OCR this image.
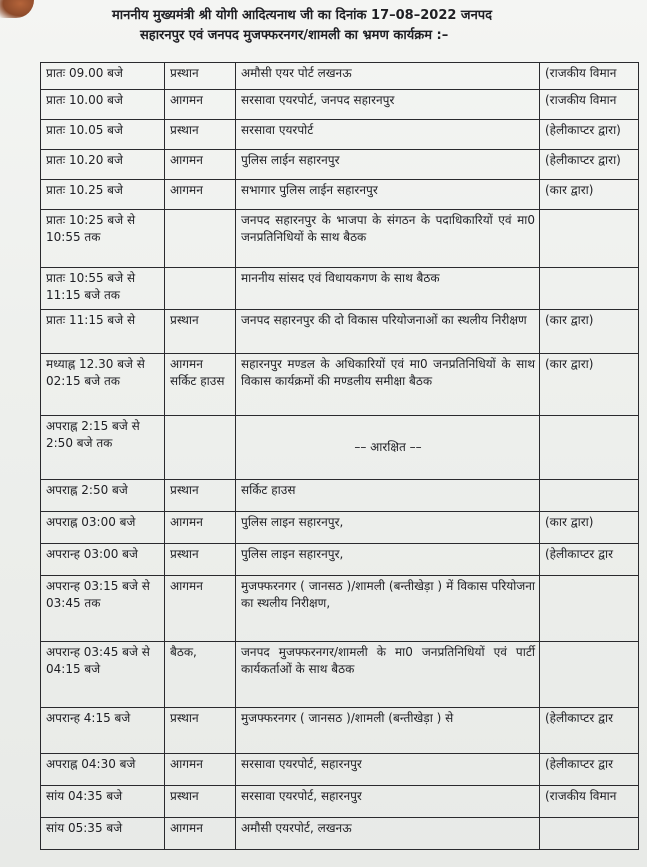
माननीय मुख्यमंत्री श्री योगी आदित्यनाथ जी का दिनांक 17–08–2022 जनपद
सहारनपुर एवं जनपद मुजफ्फरनगर/शामली का भ्रमण कार्यक्रम :–
प्रातः 09.00 बजे	प्रस्थान	अमौसी एयर पोर्ट लखनऊ	(राजकीय विमान
प्रातः 10.00 बजे	आगमन	सरसावा एयरपोर्ट, जनपद सहारनपुर	(राजकीय विमान
प्रातः 10.05 बजे	प्रस्थान	सरसावा एयरपोर्ट	(हेलीकाप्टर द्वारा)
प्रातः 10.20 बजे	आगमन	पुलिस लाईन सहारनपुर	(हेलीकाप्टर द्वारा)
प्रातः 10.25 बजे	आगमन	सभागार पुलिस लाईन सहारनपुर	(कार द्वारा)
प्रातः 10:25 बजे से 10:55 तक		जनपद सहारनपुर के भाजपा के संगठन के पदाधिकारियों एवं मा0 जनप्रतिनिधियों के साथ बैठक	
प्रातः 10:55 बजे से 11:15 बजे तक		माननीय सांसद एवं विधायकगण के साथ बैठक	
प्रातः 11:15 बजे से	प्रस्थान	जनपद सहारनपुर की दो विकास परियोजनाओं का स्थलीय निरीक्षण	(कार द्वारा)
मध्याह्न 12.30 बजे से 02:15 बजे तक	आगमन सर्किट हाउस	सहारनपुर मण्डल के अधिकारियों एवं मा0 जनप्रतिनिधियों के साथ विकास कार्यक्रमों की मण्डलीय समीक्षा बैठक	(कार द्वारा)
अपराह्न 2:15 बजे से 2:50 बजे तक		–– आरक्षित ––	
अपराह्न 2:50 बजे	प्रस्थान	सर्किट हाउस	
अपराह्न 03:00 बजे	आगमन	पुलिस लाइन सहारनपुर,	(कार द्वारा)
अपरान्ह 03:00 बजे	प्रस्थान	पुलिस लाइन सहारनपुर,	(हेलीकाप्टर द्वार
अपरान्ह 03:15 बजे से 03:45 तक	आगमन	मुजफ्फरनगर ( जानसठ )/शामली (बन्तीखेड़ा ) में विकास परियोजना का स्थलीय निरीक्षण,	
अपरान्ह 03:45 बजे से 04:15 बजे	बैठक,	जनपद मुजफ्फरनगर/शामली के मा0 जनप्रतिनिधियों एवं पार्टी कार्यकर्ताओं के साथ बैठक	
अपरान्ह 4:15 बजे	प्रस्थान	मुजफ्फरनगर ( जानसठ )/शामली (बन्तीखेड़ा ) से	(हेलीकाप्टर द्वार
अपराह्न 04:30 बजे	आगमन	सरसावा एयरपोर्ट, सहारनपुर	(हेलीकाप्टर द्वार
सांय 04:35 बजे	प्रस्थान	सरसावा एयरपोर्ट, सहारनपुर	(राजकीय विमान
सांय 05:35 बजे	आगमन	अमौसी एयरपोर्ट, लखनऊ	
